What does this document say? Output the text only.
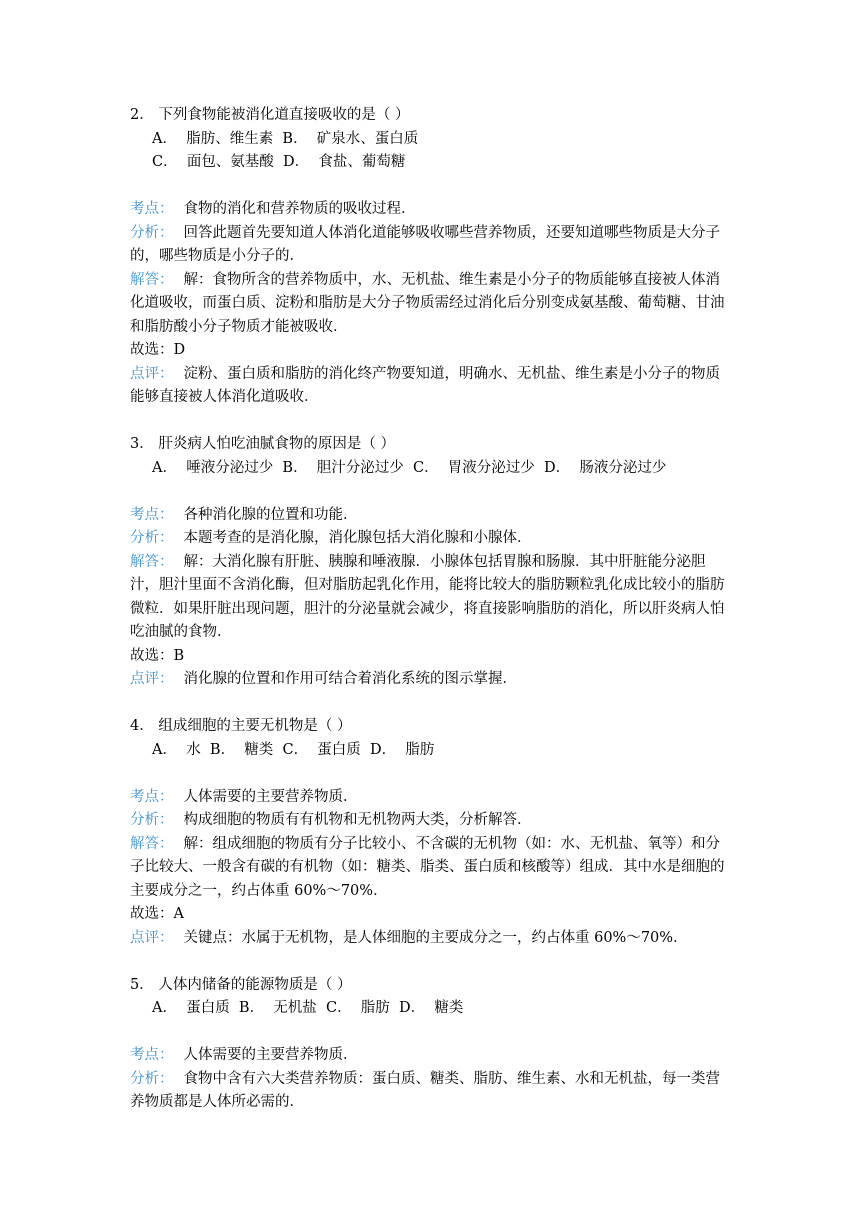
2． 下列食物能被消化道直接吸收的是（ ）

A．  脂肪、维生素  B．  矿泉水、蛋白质

C．  面包、氨基酸  D．  食盐、葡萄糖

考点： 食物的消化和营养物质的吸收过程．

分析： 回答此题首先要知道人体消化道能够吸收哪些营养物质，还要知道哪些物质是大分子的，哪些物质是小分子的．

解答： 解：食物所含的营养物质中，水、无机盐、维生素是小分子的物质能够直接被人体消化道吸收，而蛋白质、淀粉和脂肪是大分子物质需经过消化后分别变成氨基酸、葡萄糖、甘油和脂肪酸小分子物质才能被吸收．

故选：D

点评： 淀粉、蛋白质和脂肪的消化终产物要知道，明确水、无机盐、维生素是小分子的物质能够直接被人体消化道吸收．

3． 肝炎病人怕吃油腻食物的原因是（ ）

A．  唾液分泌过少  B．  胆汁分泌过少  C．  胃液分泌过少  D．  肠液分泌过少

考点： 各种消化腺的位置和功能．

分析： 本题考查的是消化腺，消化腺包括大消化腺和小腺体．

解答： 解：大消化腺有肝脏、胰腺和唾液腺．小腺体包括胃腺和肠腺．其中肝脏能分泌胆汁，胆汁里面不含消化酶，但对脂肪起乳化作用，能将比较大的脂肪颗粒乳化成比较小的脂肪微粒．如果肝脏出现问题，胆汁的分泌量就会减少，将直接影响脂肪的消化，所以肝炎病人怕吃油腻的食物．

故选：B

点评： 消化腺的位置和作用可结合着消化系统的图示掌握．

4． 组成细胞的主要无机物是（ ）

A．  水  B．  糖类  C．  蛋白质  D．  脂肪

考点： 人体需要的主要营养物质．

分析： 构成细胞的物质有有机物和无机物两大类，分析解答．

解答： 解：组成细胞的物质有分子比较小、不含碳的无机物（如：水、无机盐、氧等）和分子比较大、一般含有碳的有机物（如：糖类、脂类、蛋白质和核酸等）组成．其中水是细胞的主要成分之一，约占体重 60%～70%．

故选：A

点评： 关键点：水属于无机物，是人体细胞的主要成分之一，约占体重 60%～70%．

5． 人体内储备的能源物质是（ ）

A．  蛋白质  B．  无机盐  C．  脂肪  D．  糖类

考点： 人体需要的主要营养物质．

分析： 食物中含有六大类营养物质：蛋白质、糖类、脂肪、维生素、水和无机盐，每一类营养物质都是人体所必需的．
